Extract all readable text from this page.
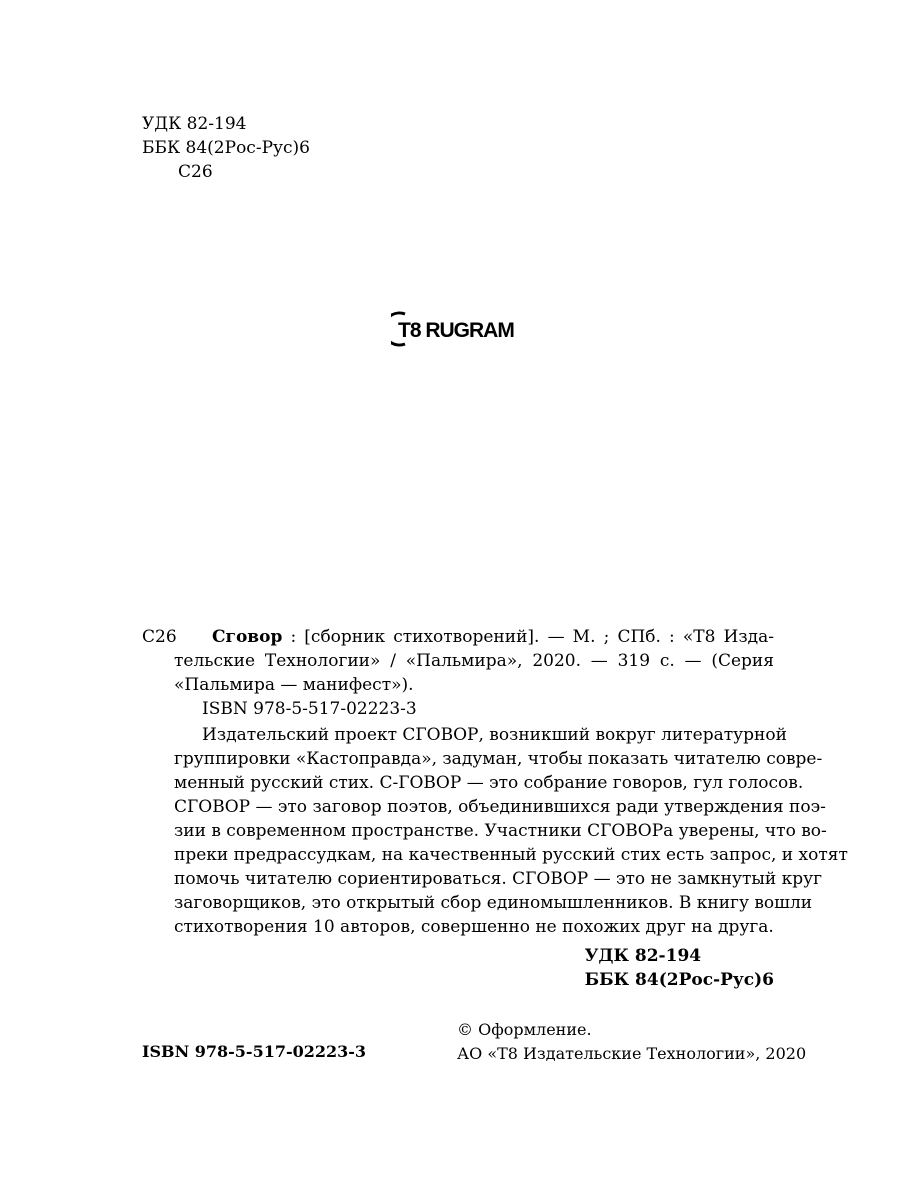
УДК 82-194
ББК 84(2Рос-Рус)6
С26
T8 RUGRAM
С26	Сговор : [сборник стихотворений]. — М. ; СПб. : «Т8 Изда-
тельские Технологии» / «Пальмира», 2020. — 319 с. — (Серия
«Пальмира — манифест»).
ISBN 978-5-517-02223-3
Издательский проект СГОВОР, возникший вокруг литературной
группировки «Кастоправда», задуман, чтобы показать читателю совре-
менный русский стих. С-ГОВОР — это собрание говоров, гул голосов.
СГОВОР — это заговор поэтов, объединившихся ради утверждения поэ-
зии в современном пространстве. Участники СГОВОРа уверены, что во-
преки предрассудкам, на качественный русский стих есть запрос, и хотят
помочь читателю сориентироваться. СГОВОР — это не замкнутый круг
заговорщиков, это открытый сбор единомышленников. В книгу вошли
стихотворения 10 авторов, совершенно не похожих друг на друга.
УДК 82-194
ББК 84(2Рос-Рус)6
ISBN 978-5-517-02223-3
© Оформление.
АО «Т8 Издательские Технологии», 2020
